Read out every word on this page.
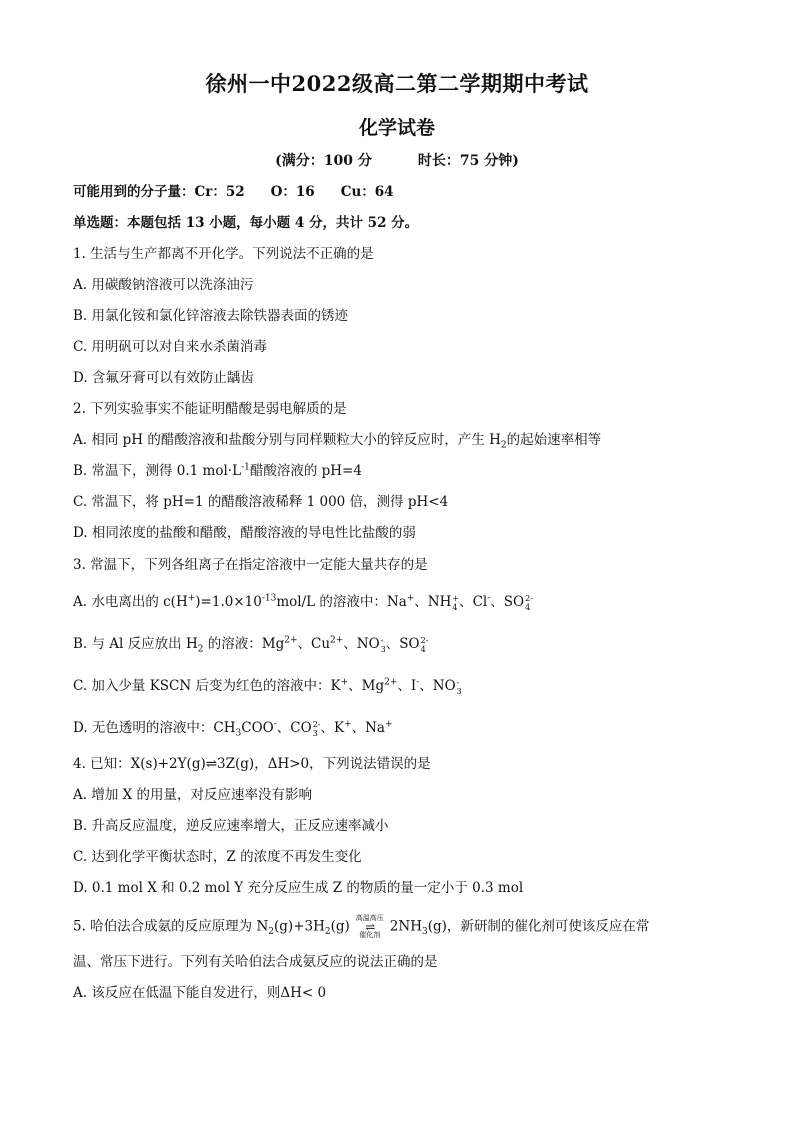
徐州一中2022级高二第二学期期中考试
化学试卷
(满分：100 分	时长：75 分钟)
可能用到的分子量：Cr：52 O：16 Cu：64
单选题：本题包括 13 小题，每小题 4 分，共计 52 分。
1. 生活与生产都离不开化学。下列说法不正确的是
A. 用碳酸钠溶液可以洗涤油污
B. 用氯化铵和氯化锌溶液去除铁器表面的锈迹
C. 用明矾可以对自来水杀菌消毒
D. 含氟牙膏可以有效防止龋齿
2. 下列实验事实不能证明醋酸是弱电解质的是
A. 相同 pH 的醋酸溶液和盐酸分别与同样颗粒大小的锌反应时，产生 $H_2$的起始速率相等
B. 常温下，测得 0.1 $mol\cdot L^{-1}$醋酸溶液的 pH=4
C. 常温下，将 pH=1 的醋酸溶液稀释 1 000 倍，测得 pH<4
D. 相同浓度的盐酸和醋酸，醋酸溶液的导电性比盐酸的弱
3. 常温下，下列各组离子在指定溶液中一定能大量共存的是
A. 水电离出的 $c(H^+)=1.0\times 10^{-13}mol/L$ 的溶液中：Na+、NH +
4 、Cl-、SO 2-
4
B. 与 Al 反应放出 $H_2$ 的溶液：$Mg^{2+}$、$Cu^{2+}$、NO -
3 、SO 2-
4
C. 加入少量 KSCN 后变为红色的溶液中：K+、$Mg^{2+}$、I-、NO -
3
D. 无色透明的溶液中：$CH_3COO^-$、CO 2-
3 、K+、Na+
4. 已知：X(s)+2Y(g)⇌3Z(g)，ΔH>0，下列说法错误的是
A. 增加 X 的用量，对反应速率没有影响
B. 升高反应温度，逆反应速率增大，正反应速率减小
C. 达到化学平衡状态时，Z 的浓度不再发生变化
D. 0.1 mol X 和 0.2 mol Y 充分反应生成 Z 的物质的量一定小于 0.3 mol
5. 哈伯法合成氨的反应原理为 $N_2(g)+3H_2(g)$
高温高压
⇌
催化剂
$2NH_3(g)$，新研制的催化剂可使该反应在常
温、常压下进行。下列有关哈伯法合成氨反应的说法正确的是
A. 该反应在低温下能自发进行，则ΔH< 0
